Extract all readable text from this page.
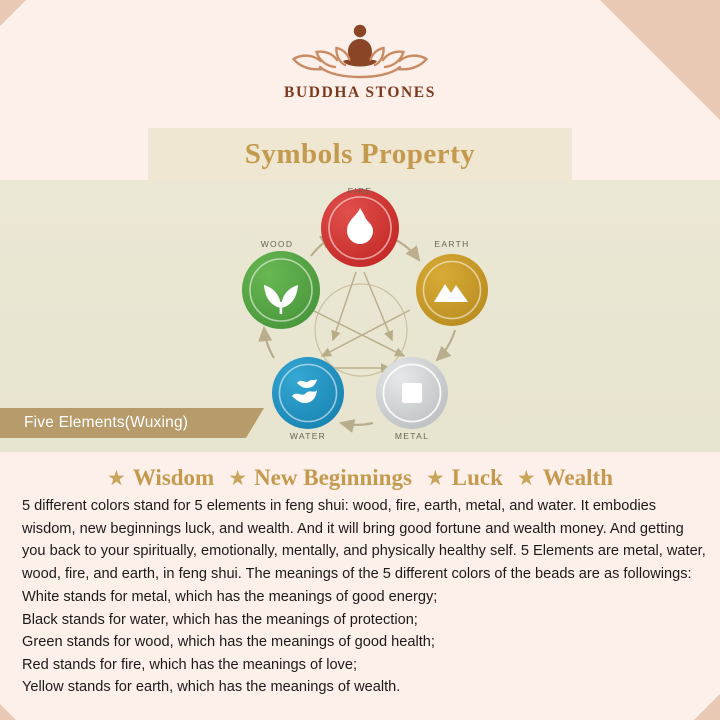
BUDDHA STONES
Symbols Property
FIRE
EARTH
METAL
WATER
WOOD
Five Elements(Wuxing)
★ Wisdom ★ New Beginnings ★ Luck ★ Wealth

5 different colors stand for 5 elements in feng shui: wood, fire, earth, metal, and water. It embodies wisdom, new beginnings luck, and wealth. And it will bring good fortune and wealth money. And getting you back to your spiritually, emotionally, mentally, and physically healthy self. 5 Elements are metal, water, wood, fire, and earth, in feng shui. The meanings of the 5 different colors of the beads are as followings:

White stands for metal, which has the meanings of good energy;

Black stands for water, which has the meanings of protection;

Green stands for wood, which has the meanings of good health;

Red stands for fire, which has the meanings of love;

Yellow stands for earth, which has the meanings of wealth.
